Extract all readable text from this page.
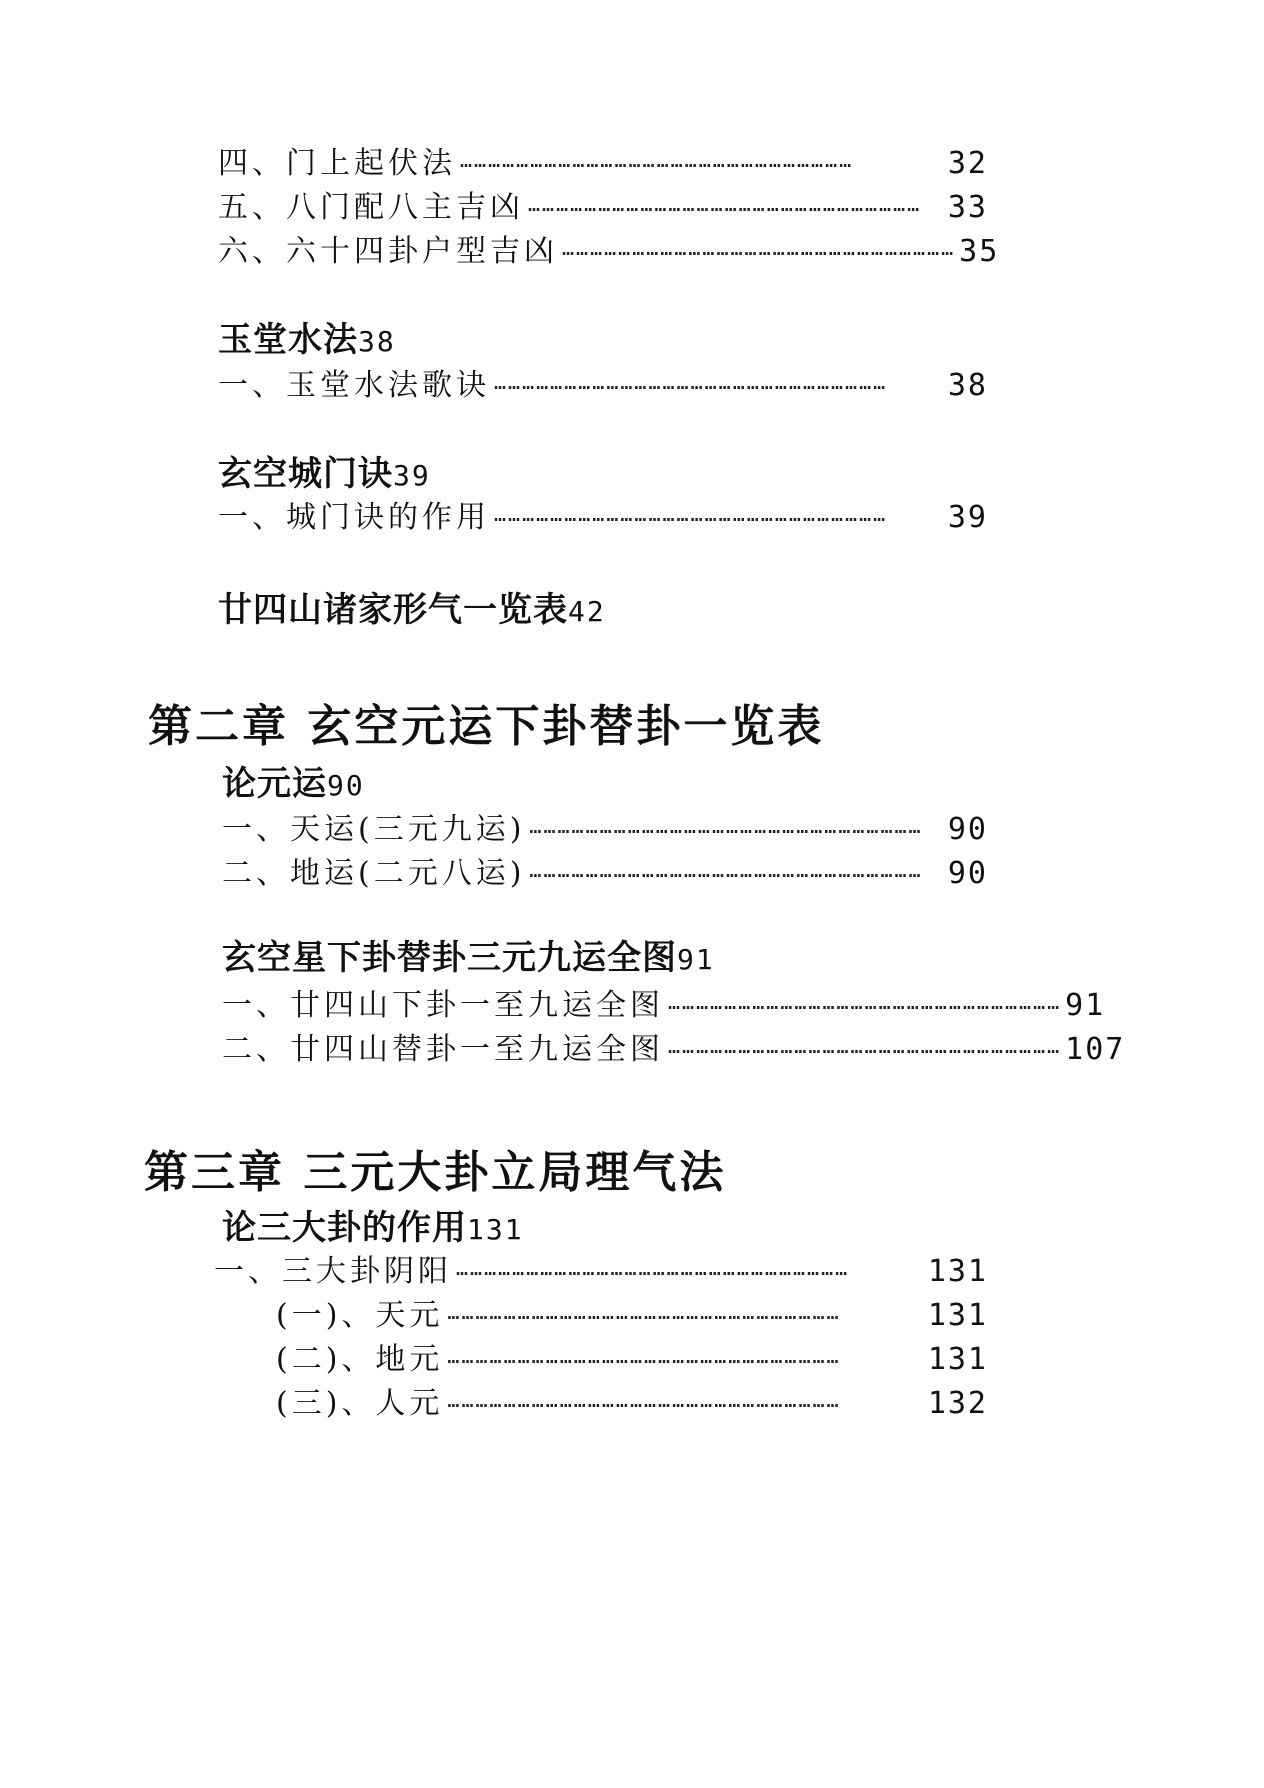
四、门上起伏法 …………………………………………………………………………	32
五、八门配八主吉凶 ………………………………………………………………………… 33
六、六十四卦户型吉凶 ………………………………………………………………………… 35
玉堂水法38
一、玉堂水法歌诀 …………………………………………………………………………	38
玄空城门诀39
一、城门诀的作用 …………………………………………………………………………	39
廿四山诸家形气一览表42
第二章 玄空元运下卦替卦一览表
论元运90
一、天运(三元九运) ………………………………………………………………………… 90
二、地运(二元八运) ………………………………………………………………………… 90
玄空星下卦替卦三元九运全图91
一、廿四山下卦一至九运全图 ………………………………………………………………………… 91
二、廿四山替卦一至九运全图 ………………………………………………………………………… 107
第三章 三元大卦立局理气法
论三大卦的作用131
一、三大卦阴阳 …………………………………………………………………………	131
(一)、天元 …………………………………………………………………………	131
(二)、地元 …………………………………………………………………………	131
(三)、人元 …………………………………………………………………………	132
